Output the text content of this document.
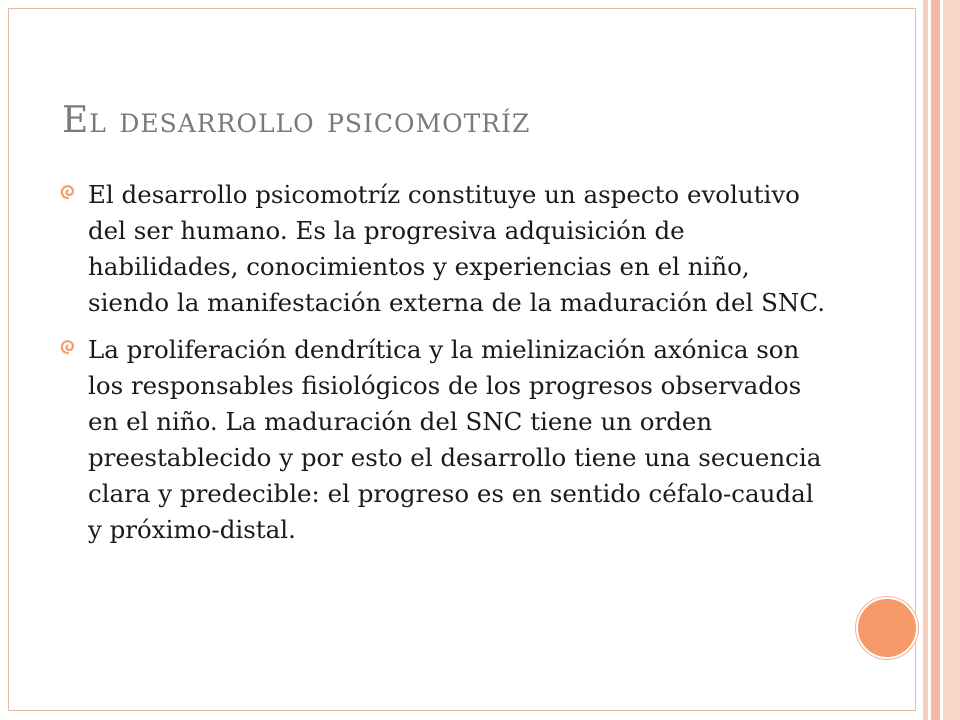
El desarrollo psicomotríz
El desarrollo psicomotríz constituye un aspecto evolutivo del ser humano. Es la progresiva adquisición de habilidades, conocimientos y experiencias en el niño, siendo la manifestación externa de la maduración del SNC.
La proliferación dendrítica y la mielinización axónica son los responsables fisiológicos de los progresos observados en el niño. La maduración del SNC tiene un orden preestablecido y por esto el desarrollo tiene una secuencia clara y predecible: el progreso es en sentido céfalo-caudal y próximo-distal.
